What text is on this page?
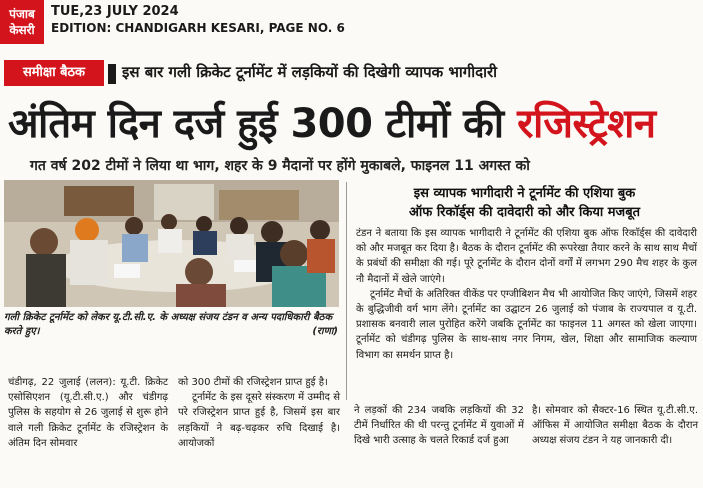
पंजाब
केसरी
TUE,23 JULY 2024
EDITION: CHANDIGARH KESARI, PAGE NO. 6
समीक्षा बैठक	इस बार गली क्रिकेट टूर्नामेंट में लड़कियों की दिखेगी व्यापक भागीदारी
अंतिम दिन दर्ज हुई 300 टीमों की रजिस्ट्रेशन
गत वर्ष 202 टीमों ने लिया था भाग, शहर के 9 मैदानों पर होंगे मुकाबले, फाइनल 11 अगस्त को
गली क्रिकेट टूर्नामेंट को लेकर यू.टी.सी.ए. के अध्यक्ष संजय टंडन व अन्य पदाधिकारी बैठक करते हुए।	(राणा)
इस व्यापक भागीदारी ने टूर्नामेंट की एशिया बुक
ऑफ रिकाॅर्ड्स की दावेदारी को और किया मजबूत

टंडन ने बताया कि इस व्यापक भागीदारी ने टूर्नामेंट की एशिया बुक ऑफ रिकाॅर्ड्स की दावेदारी को और मजबूत कर दिया है। बैठक के दौरान टूर्नामेंट की रूपरेखा तैयार करने के साथ साथ मैचों के प्रबंधों की समीक्षा की गई। पूरे टूर्नामेंट के दौरान दोनों वर्गों में लगभग 290 मैच शहर के कुल नौ मैदानों में खेले जाएंगे।

टूर्नामेंट मैचों के अतिरिक्त वीकेंड पर एग्जीबिशन मैच भी आयोजित किए जाएंगे, जिसमें शहर के बुद्धिजीवी वर्ग भाग लेंगे। टूर्नामेंट का उद्घाटन 26 जुलाई को पंजाब के राज्यपाल व यू.टी. प्रशासक बनवारी लाल पुरोहित करेंगे जबकि टूर्नामेंट का फाइनल 11 अगस्त को खेला जाएगा। टूर्नामेंट को चंडीगढ़ पुलिस के साथ-साथ नगर निगम, खेल, शिक्षा और सामाजिक कल्याण विभाग का समर्थन प्राप्त है।

चंडीगढ़, 22 जुलाई (ललन): यू.टी. क्रिकेट एसोसिएशन (यू.टी.सी.ए.) और चंडीगढ़ पुलिस के सहयोग से 26 जुलाई से शुरू होने वाले गली क्रिकेट टूर्नामेंट के रजिस्ट्रेशन के अंतिम दिन सोमवार

को 300 टीमों की रजिस्ट्रेशन प्राप्त हुई है।

टूर्नामेंट के इस दूसरे संस्करण में उम्मीद से परे रजिस्ट्रेशन प्राप्त हुई है, जिसमें इस बार लड़कियों ने बढ़-चढ़कर रुचि दिखाई है। आयोजकों

ने लड़कों की 234 जबकि लड़कियों की 32 टीमें निर्धारित की थी परन्तु टूर्नामेंट में युवाओं में दिखे भारी उत्साह के चलते रिकार्ड दर्ज हुआ

है। सोमवार को सैक्टर-16 स्थित यू.टी.सी.ए. ऑफिस में आयोजित समीक्षा बैठक के दौरान अध्यक्ष संजय टंडन ने यह जानकारी दी।
